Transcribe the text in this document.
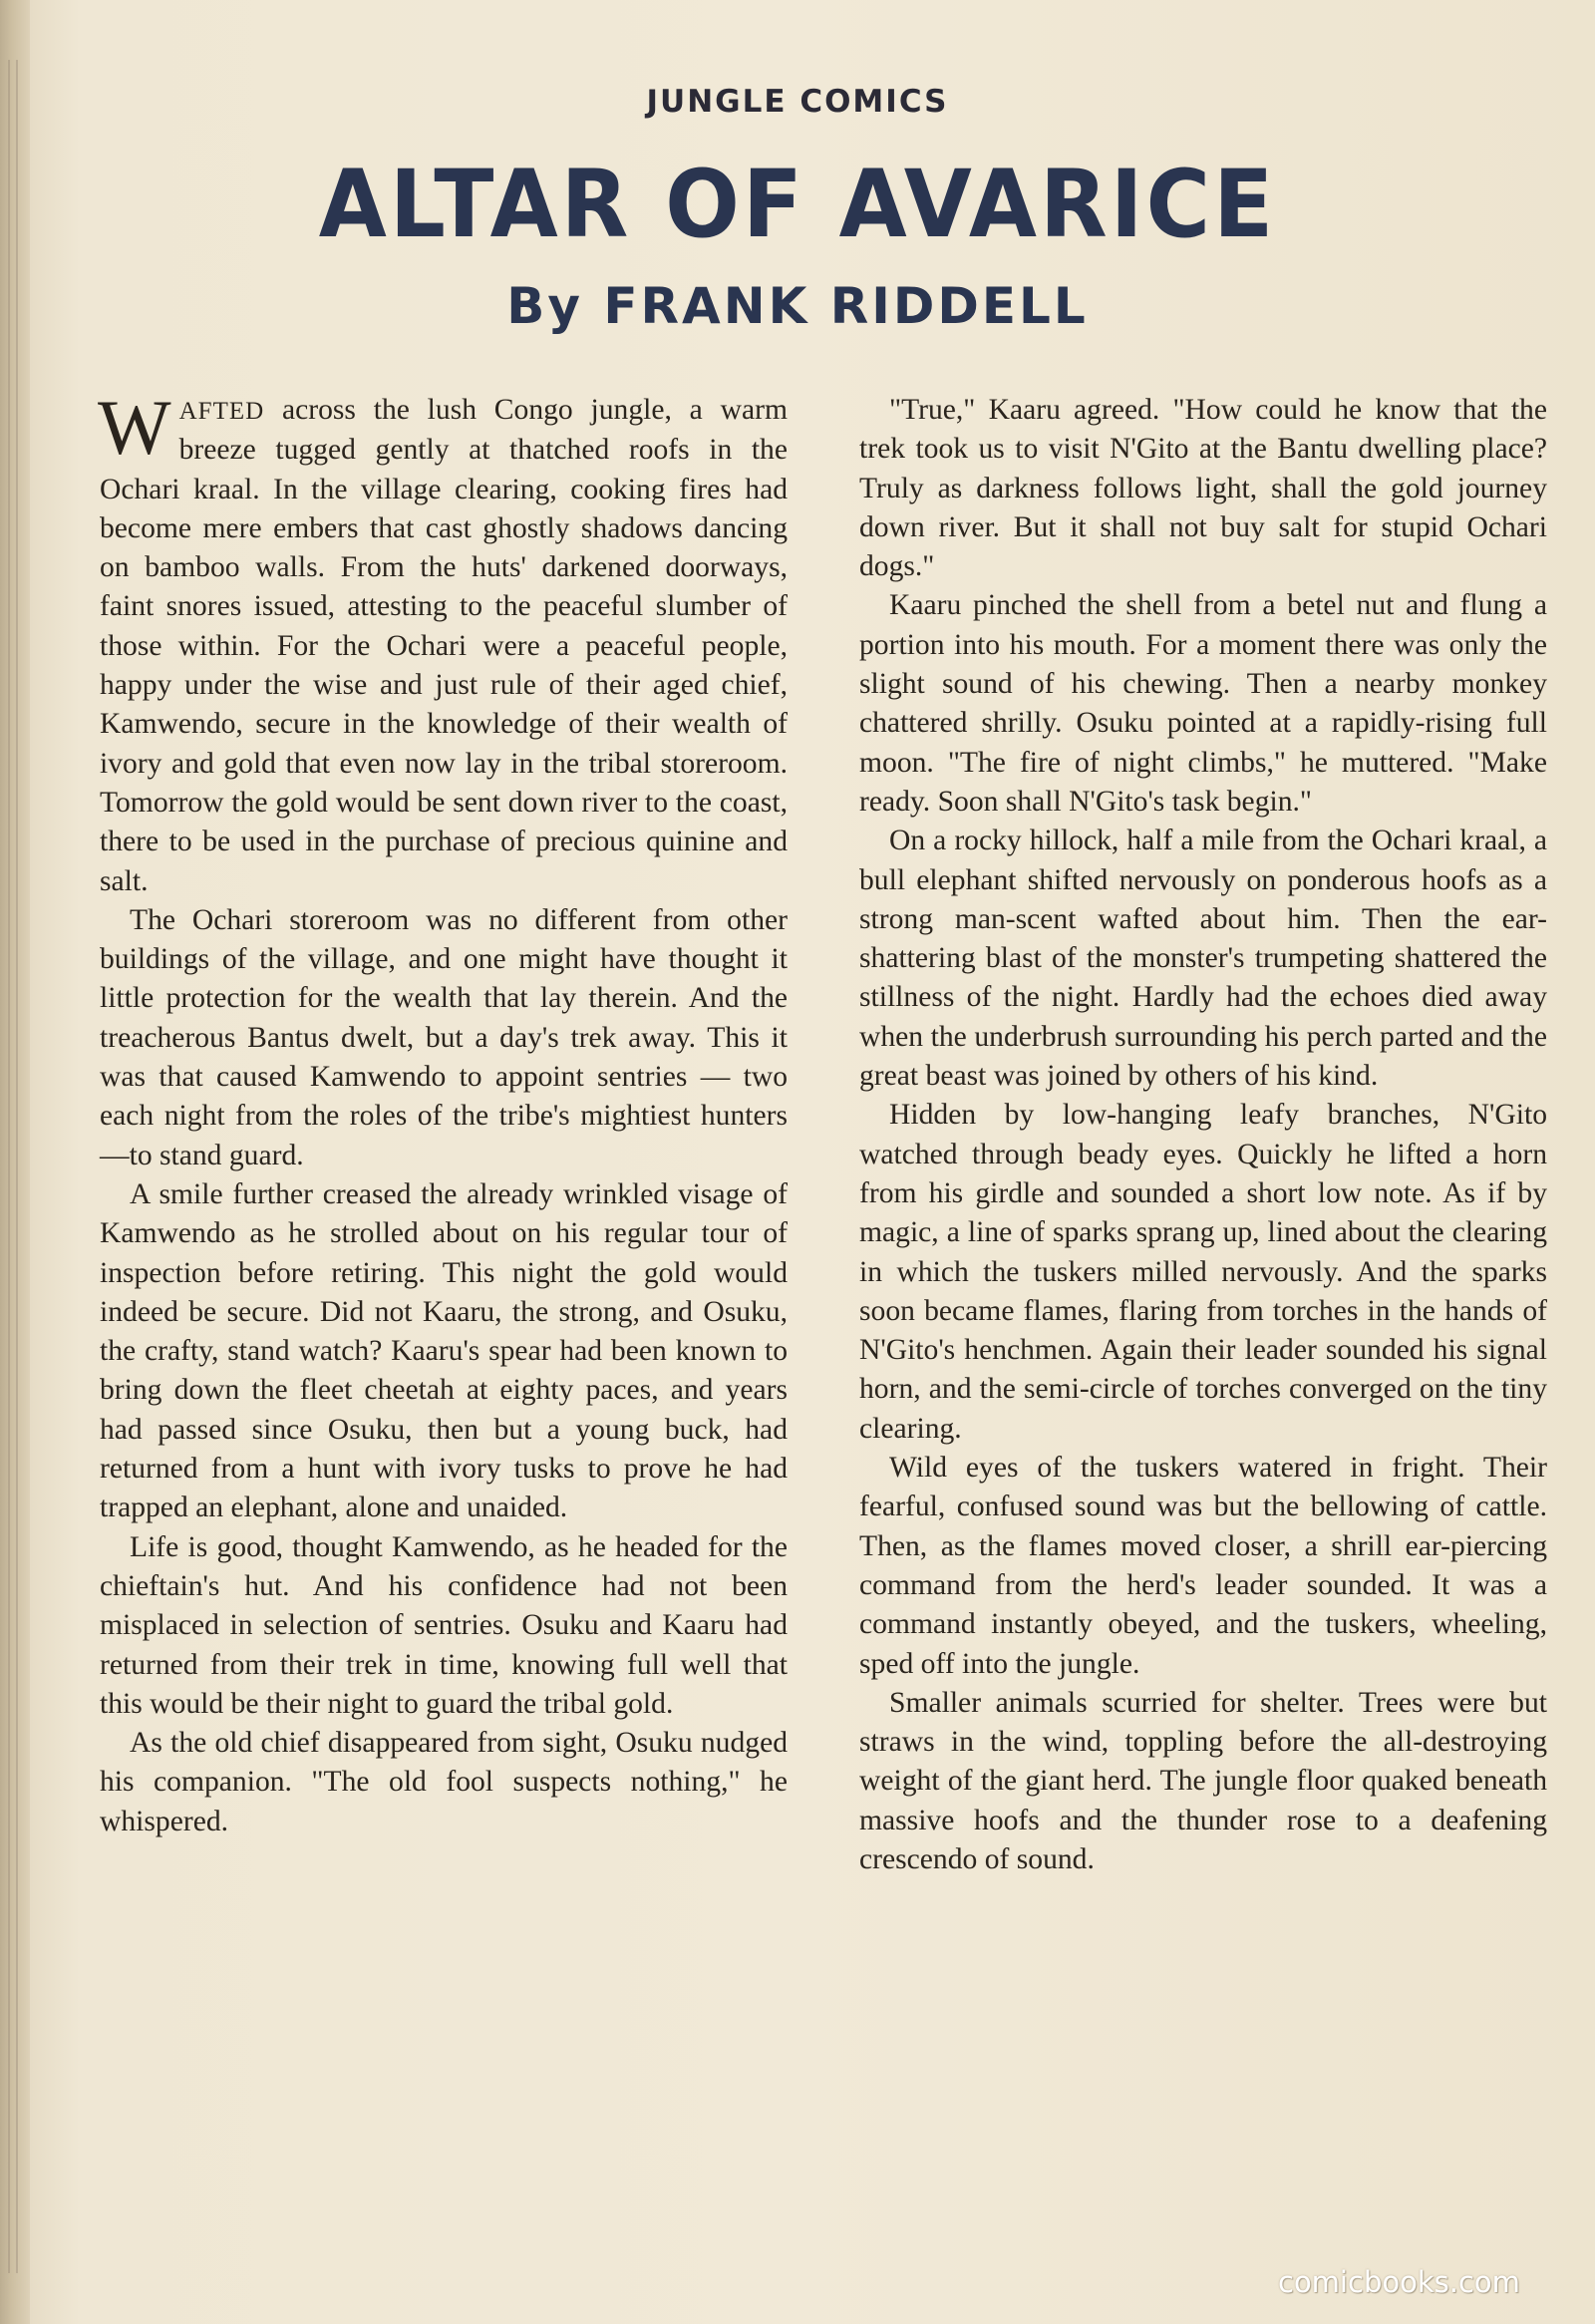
JUNGLE COMICS
ALTAR OF AVARICE
By FRANK RIDDELL

WAFTED across the lush Congo jungle, a warm breeze tugged gently at thatched roofs in the Ochari kraal. In the village clearing, cooking fires had become mere embers that cast ghostly shadows dancing on bamboo walls. From the huts' darkened doorways, faint snores issued, attesting to the peaceful slumber of those within. For the Ochari were a peaceful people, happy under the wise and just rule of their aged chief, Kamwendo, secure in the knowledge of their wealth of ivory and gold that even now lay in the tribal storeroom. Tomorrow the gold would be sent down river to the coast, there to be used in the purchase of precious quinine and salt.

The Ochari storeroom was no different from other buildings of the village, and one might have thought it little protection for the wealth that lay therein. And the treacherous Bantus dwelt, but a day's trek away. This it was that caused Kamwendo to appoint sentries — two each night from the roles of the tribe's mightiest hunters—to stand guard.

A smile further creased the already wrinkled visage of Kamwendo as he strolled about on his regular tour of inspection before retiring. This night the gold would indeed be secure. Did not Kaaru, the strong, and Osuku, the crafty, stand watch? Kaaru's spear had been known to bring down the fleet cheetah at eighty paces, and years had passed since Osuku, then but a young buck, had returned from a hunt with ivory tusks to prove he had trapped an elephant, alone and unaided.

Life is good, thought Kamwendo, as he headed for the chieftain's hut. And his confidence had not been misplaced in selection of sentries. Osuku and Kaaru had returned from their trek in time, knowing full well that this would be their night to guard the tribal gold.

As the old chief disappeared from sight, Osuku nudged his companion. "The old fool suspects nothing," he whispered.

"True," Kaaru agreed. "How could he know that the trek took us to visit N'Gito at the Bantu dwelling place? Truly as darkness follows light, shall the gold journey down river. But it shall not buy salt for stupid Ochari dogs."

Kaaru pinched the shell from a betel nut and flung a portion into his mouth. For a moment there was only the slight sound of his chewing. Then a nearby monkey chattered shrilly. Osuku pointed at a rapidly-rising full moon. "The fire of night climbs," he muttered. "Make ready. Soon shall N'Gito's task begin."

On a rocky hillock, half a mile from the Ochari kraal, a bull elephant shifted nervously on ponderous hoofs as a strong man-scent wafted about him. Then the ear-shattering blast of the monster's trumpeting shattered the stillness of the night. Hardly had the echoes died away when the underbrush surrounding his perch parted and the great beast was joined by others of his kind.

Hidden by low-hanging leafy branches, N'Gito watched through beady eyes. Quickly he lifted a horn from his girdle and sounded a short low note. As if by magic, a line of sparks sprang up, lined about the clearing in which the tuskers milled nervously. And the sparks soon became flames, flaring from torches in the hands of N'Gito's henchmen. Again their leader sounded his signal horn, and the semi-circle of torches converged on the tiny clearing.

Wild eyes of the tuskers watered in fright. Their fearful, confused sound was but the bellowing of cattle. Then, as the flames moved closer, a shrill ear-piercing command from the herd's leader sounded. It was a command instantly obeyed, and the tuskers, wheeling, sped off into the jungle.

Smaller animals scurried for shelter. Trees were but straws in the wind, toppling before the all-destroying weight of the giant herd. The jungle floor quaked beneath massive hoofs and the thunder rose to a deafening crescendo of sound.

comicbooks.com
